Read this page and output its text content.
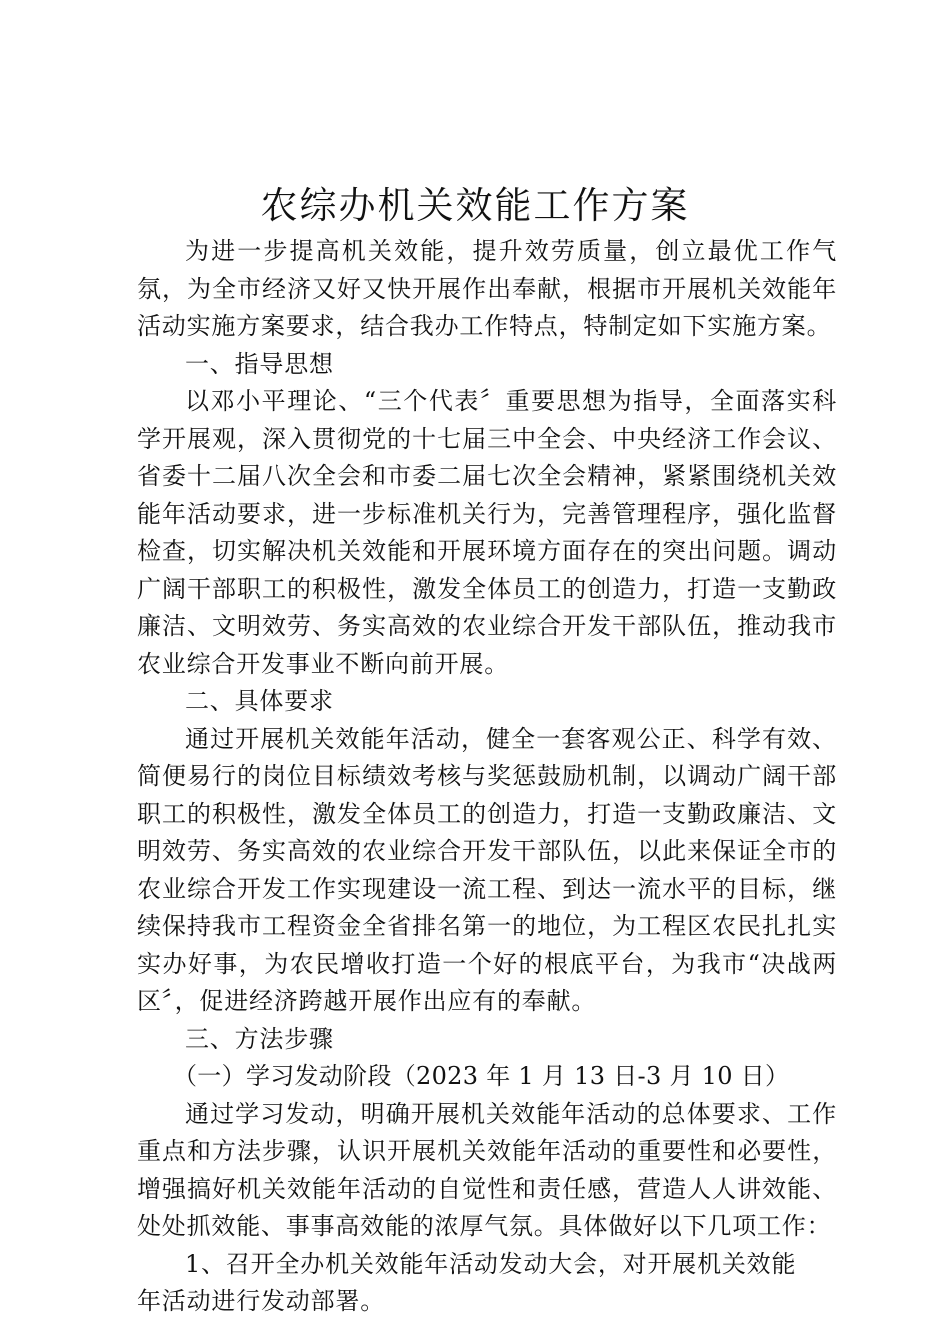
农综办机关效能工作方案

为进一步提高机关效能，提升效劳质量，创立最优工作气氛，为全市经济又好又快开展作出奉献，根据市开展机关效能年活动实施方案要求，结合我办工作特点，特制定如下实施方案。

一、指导思想

以邓小平理论、“三个代表〞重要思想为指导，全面落实科学开展观，深入贯彻党的十七届三中全会、中央经济工作会议、省委十二届八次全会和市委二届七次全会精神，紧紧围绕机关效能年活动要求，进一步标准机关行为，完善管理程序，强化监督检查，切实解决机关效能和开展环境方面存在的突出问题。调动广阔干部职工的积极性，激发全体员工的创造力，打造一支勤政廉洁、文明效劳、务实高效的农业综合开发干部队伍，推动我市农业综合开发事业不断向前开展。

二、具体要求

通过开展机关效能年活动，健全一套客观公正、科学有效、简便易行的岗位目标绩效考核与奖惩鼓励机制，以调动广阔干部职工的积极性，激发全体员工的创造力，打造一支勤政廉洁、文明效劳、务实高效的农业综合开发干部队伍，以此来保证全市的农业综合开发工作实现建设一流工程、到达一流水平的目标，继续保持我市工程资金全省排名第一的地位，为工程区农民扎扎实实办好事，为农民增收打造一个好的根底平台，为我市“决战两区〞，促进经济跨越开展作出应有的奉献。

三、方法步骤

（一）学习发动阶段（2023 年 1 月 13 日-3 月 10 日）

通过学习发动，明确开展机关效能年活动的总体要求、工作重点和方法步骤，认识开展机关效能年活动的重要性和必要性，增强搞好机关效能年活动的自觉性和责任感，营造人人讲效能、处处抓效能、事事高效能的浓厚气氛。具体做好以下几项工作：

1、召开全办机关效能年活动发动大会，对开展机关效能年活动进行发动部署。
